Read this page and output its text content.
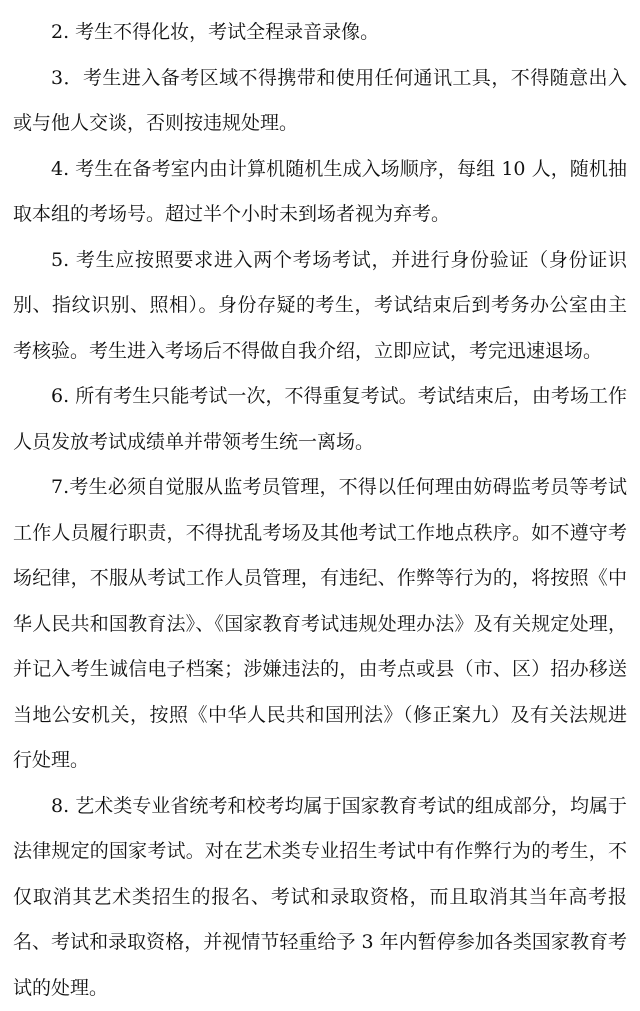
2. 考生不得化妆，考试全程录音录像。

3．考生进入备考区域不得携带和使用任何通讯工具，不得随意出入或与他人交谈，否则按违规处理。

4. 考生在备考室内由计算机随机生成入场顺序，每组 10 人，随机抽取本组的考场号。超过半个小时未到场者视为弃考。

5. 考生应按照要求进入两个考场考试，并进行身份验证（身份证识别、指纹识别、照相）。身份存疑的考生，考试结束后到考务办公室由主考核验。考生进入考场后不得做自我介绍，立即应试，考完迅速退场。

6. 所有考生只能考试一次，不得重复考试。考试结束后，由考场工作人员发放考试成绩单并带领考生统一离场。

7.考生必须自觉服从监考员管理，不得以任何理由妨碍监考员等考试工作人员履行职责，不得扰乱考场及其他考试工作地点秩序。如不遵守考场纪律，不服从考试工作人员管理，有违纪、作弊等行为的，将按照《中华人民共和国教育法》、《国家教育考试违规处理办法》及有关规定处理，并记入考生诚信电子档案；涉嫌违法的，由考点或县（市、区）招办移送当地公安机关，按照《中华人民共和国刑法》（修正案九）及有关法规进行处理。

8. 艺术类专业省统考和校考均属于国家教育考试的组成部分，均属于法律规定的国家考试。对在艺术类专业招生考试中有作弊行为的考生，不仅取消其艺术类招生的报名、考试和录取资格，而且取消其当年高考报名、考试和录取资格，并视情节轻重给予 3 年内暂停参加各类国家教育考试的处理。
